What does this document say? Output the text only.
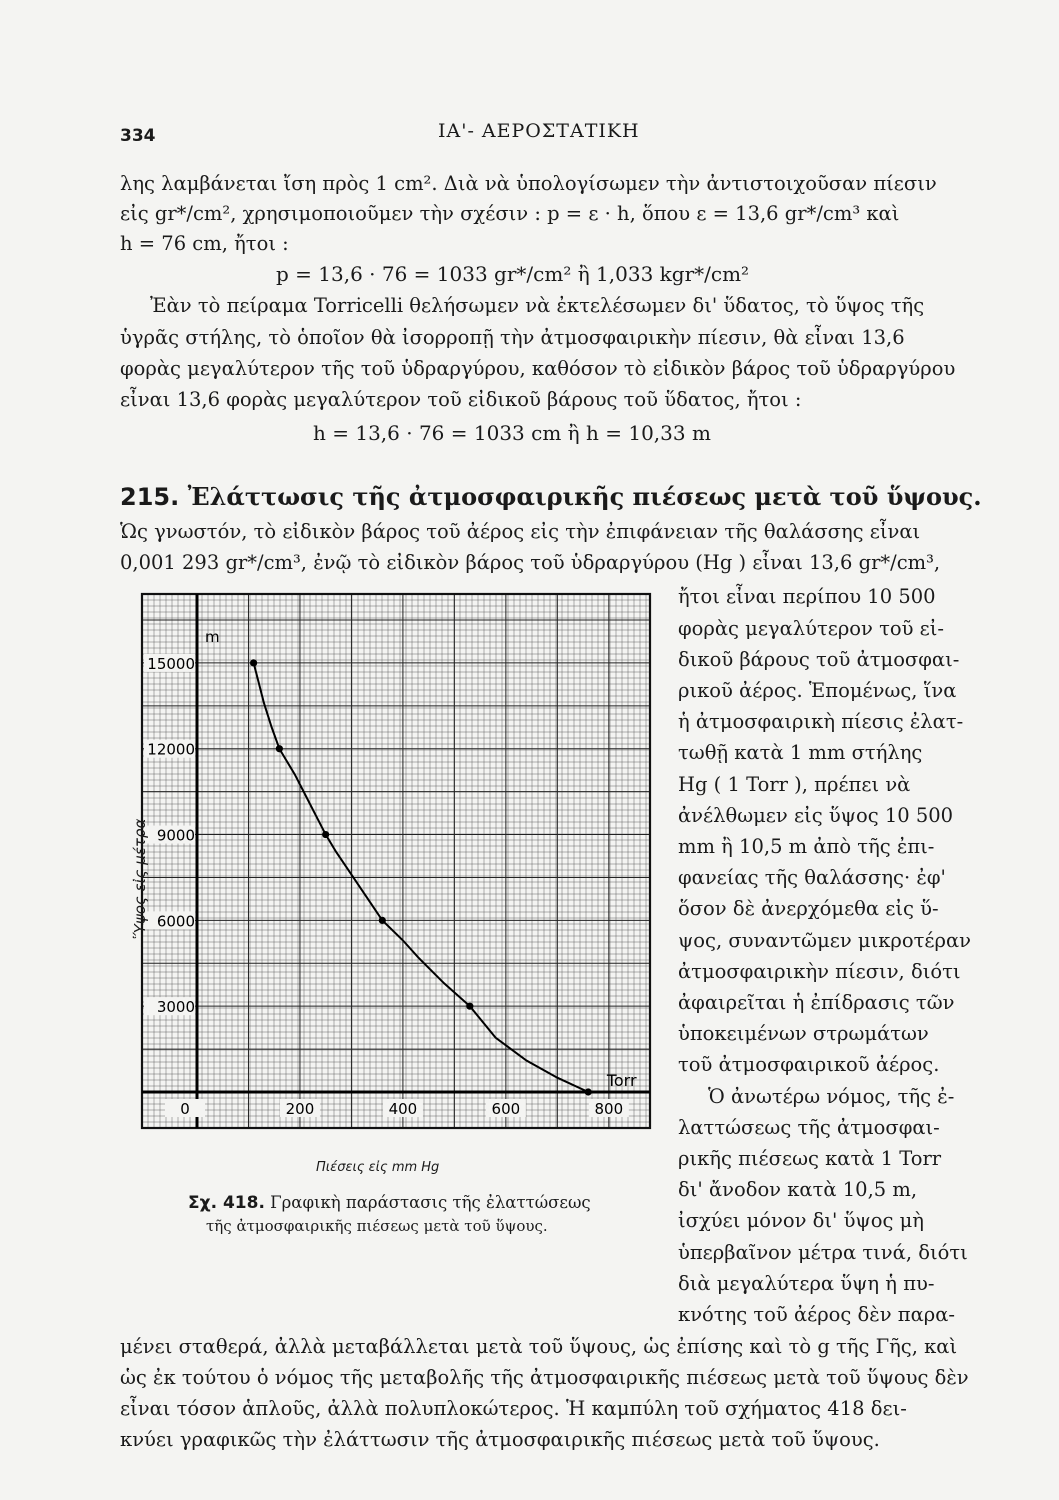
334	ΙΑ'- ΑΕΡΟΣΤΑΤΙΚΗ
λης λαμβάνεται ἴση πρὸς 1 cm². Διὰ νὰ ὑπολογίσωμεν τὴν ἀντιστοιχοῦσαν πίεσιν
εἰς gr*/cm², χρησιμοποιοῦμεν τὴν σχέσιν : p = ε · h, ὅπου ε = 13,6 gr*/cm³ καὶ
h = 76 cm, ἤτοι :
p = 13,6 · 76 = 1033 gr*/cm² ἢ 1,033 kgr*/cm²
Ἐὰν τὸ πείραμα Torricelli θελήσωμεν νὰ ἐκτελέσωμεν δι' ὕδατος, τὸ ὕψος τῆς
ὑγρᾶς στήλης, τὸ ὁποῖον θὰ ἰσορροπῇ τὴν ἀτμοσφαιρικὴν πίεσιν, θὰ εἶναι 13,6
φορὰς μεγαλύτερον τῆς τοῦ ὑδραργύρου, καθόσον τὸ εἰδικὸν βάρος τοῦ ὑδραργύρου
εἶναι 13,6 φορὰς μεγαλύτερον τοῦ εἰδικοῦ βάρους τοῦ ὕδατος, ἤτοι :
h = 13,6 · 76 = 1033 cm ἢ h = 10,33 m
215. Ἐλάττωσις τῆς ἀτμοσφαιρικῆς πιέσεως μετὰ τοῦ ὕψους.
Ὡς γνωστόν, τὸ εἰδικὸν βάρος τοῦ ἀέρος εἰς τὴν ἐπιφάνειαν τῆς θαλάσσης εἶναι
0,001 293 gr*/cm³, ἐνῷ τὸ εἰδικὸν βάρος τοῦ ὑδραργύρου (Hg ) εἶναι 13,6 gr*/cm³,
ἤτοι εἶναι περίπου 10 500
φορὰς μεγαλύτερον τοῦ εἰ-
δικοῦ βάρους τοῦ ἀτμοσφαι-
ρικοῦ ἀέρος. Ἑπομένως, ἵνα
ἡ ἀτμοσφαιρικὴ πίεσις ἐλατ-
τωθῇ κατὰ 1 mm στήλης
Hg ( 1 Torr ), πρέπει νὰ
ἀνέλθωμεν εἰς ὕψος 10 500
mm ἢ 10,5 m ἀπὸ τῆς ἐπι-
φανείας τῆς θαλάσσης· ἐφ'
ὅσον δὲ ἀνερχόμεθα εἰς ὕ-
ψος, συναντῶμεν μικροτέραν
ἀτμοσφαιρικὴν πίεσιν, διότι
ἀφαιρεῖται ἡ ἐπίδρασις τῶν
ὑποκειμένων στρωμάτων
τοῦ ἀτμοσφαιρικοῦ ἀέρος.
Ὁ ἀνωτέρω νόμος, τῆς ἐ-
λαττώσεως τῆς ἀτμοσφαι-
ρικῆς πιέσεως κατὰ 1 Torr
δι' ἄνοδον κατὰ 10,5 m,
ἰσχύει μόνον δι' ὕψος μὴ
ὑπερβαῖνον μέτρα τινά, διότι
διὰ μεγαλύτερα ὕψη ἡ πυ-
κνότης τοῦ ἀέρος δὲν παρα-
3000
6000
9000
12000
15000
0	200	400	600	800
m
Torr
Ὕψος εἰς μέτρα
Πιέσεις εἰς mm Hg
Σχ. 418. Γραφικὴ παράστασις τῆς ἐλαττώσεως
τῆς ἀτμοσφαιρικῆς πιέσεως μετὰ τοῦ ὕψους.
μένει σταθερά, ἀλλὰ μεταβάλλεται μετὰ τοῦ ὕψους, ὡς ἐπίσης καὶ τὸ g τῆς Γῆς, καὶ
ὡς ἐκ τούτου ὁ νόμος τῆς μεταβολῆς τῆς ἀτμοσφαιρικῆς πιέσεως μετὰ τοῦ ὕψους δὲν
εἶναι τόσον ἁπλοῦς, ἀλλὰ πολυπλοκώτερος. Ἡ καμπύλη τοῦ σχήματος 418 δει-
κνύει γραφικῶς τὴν ἐλάττωσιν τῆς ἀτμοσφαιρικῆς πιέσεως μετὰ τοῦ ὕψους.
